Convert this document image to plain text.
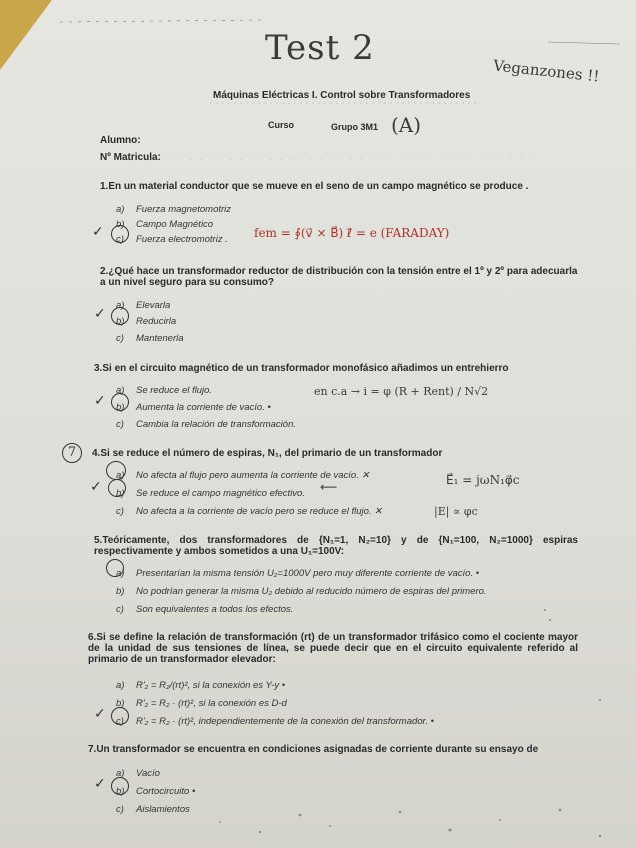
Test 2
Veganzones !!
Máquinas Eléctricas I. Control sobre Transformadores
Curso	Grupo 3M1 (A)
Alumno:
Nº Matricula:
1.En un material conductor que se mueve en el seno de un campo magnético se produce .
a) Fuerza magnetomotriz
b) Campo Magnético
c) Fuerza electromotriz .
✓	fem = ∮(v⃗ × B⃗) ℓ⃗ = e (FARADAY)
2.¿Qué hace un transformador reductor de distribución con la tensión entre el 1º y 2º para adecuarla a un nivel seguro para su consumo?
a) Elevarla
b) Reducirla
c) Mantenerla
✓
3.Si en el circuito magnético de un transformador monofásico añadimos un entrehierro
a) Se reduce el flujo.
b) Aumenta la corriente de vacío. •
c) Cambia la relación de transformación.
✓
en c.a → i = φ (R + Rent) / N√2
7	4.Si se reduce el número de espiras, N₁, del primario de un transformador
a) No afecta al flujo pero aumenta la corriente de vacío. ✕
b) Se reduce el campo magnético efectivo.
c) No afecta a la corriente de vacío pero se reduce el flujo. ✕
✓	⟵	E⃗₁ = jωN₁φ⃗c
|E| ∝ φc
5.Teóricamente, dos transformadores de {N₁=1, N₂=10} y de {N₁=100, N₂=1000} espiras respectivamente y ambos sometidos a una U₁=100V:
a) Presentarían la misma tensión U₂=1000V pero muy diferente corriente de vacío. •
b) No podrían generar la misma U₂ debido al reducido número de espiras del primero.
c) Son equivalentes a todos los efectos.
6.Si se define la relación de transformación (rt) de un transformador trifásico como el cociente mayor de la unidad de sus tensiones de línea, se puede decir que en el circuito equivalente referido al primario de un transformador elevador:
a) R'₂ = R₂/(rt)², si la conexión es Y-y •
b) R'₂ = R₂ · (rt)², si la conexión es D-d
c) R'₂ = R₂ · (rt)², independientemente de la conexión del transformador. •
✓
7.Un transformador se encuentra en condiciones asignadas de corriente durante su ensayo de
a) Vacío
b) Cortocircuito •
c) Aislamientos
✓
